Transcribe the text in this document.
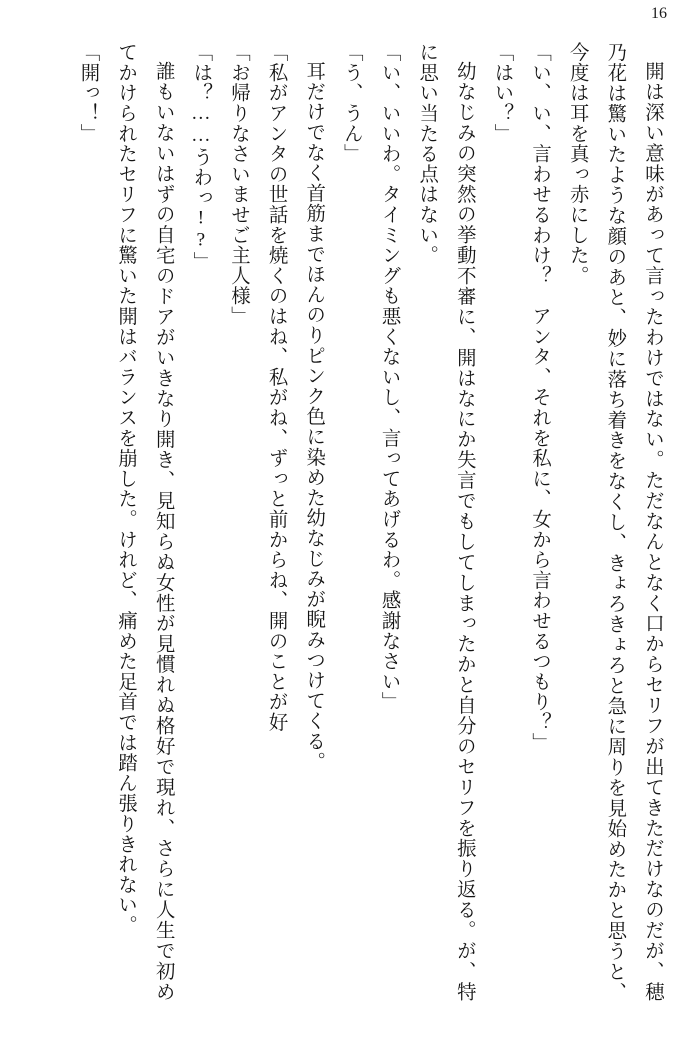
16

開は深い意味があって言ったわけではない。ただなんとなく口からセリフが出てきただけなのだが、穂乃花は驚いたような顔のあと、妙に落ち着きをなくし、きょろきょろと急に周りを見始めたかと思うと、今度は耳を真っ赤にした。

「い、い、言わせるわけ？　アンタ、それを私に、女から言わせるつもり？」

「はい？」

幼なじみの突然の挙動不審に、開はなにか失言でもしてしまったかと自分のセリフを振り返る。が、特に思い当たる点はない。

「い、いいわ。タイミングも悪くないし、言ってあげるわ。感謝なさい」

「う、うん」

耳だけでなく首筋までほんのりピンク色に染めた幼なじみが睨みつけてくる。

「私がアンタの世話を焼くのはね、私がね、ずっと前からね、開のことが好

「お帰りなさいませご主人様」

「は？……うわっ!?」

誰もいないはずの自宅のドアがいきなり開き、見知らぬ女性が見慣れぬ格好で現れ、さらに人生で初めてかけられたセリフに驚いた開はバランスを崩した。けれど、痛めた足首では踏ん張りきれない。

「開っ！」
